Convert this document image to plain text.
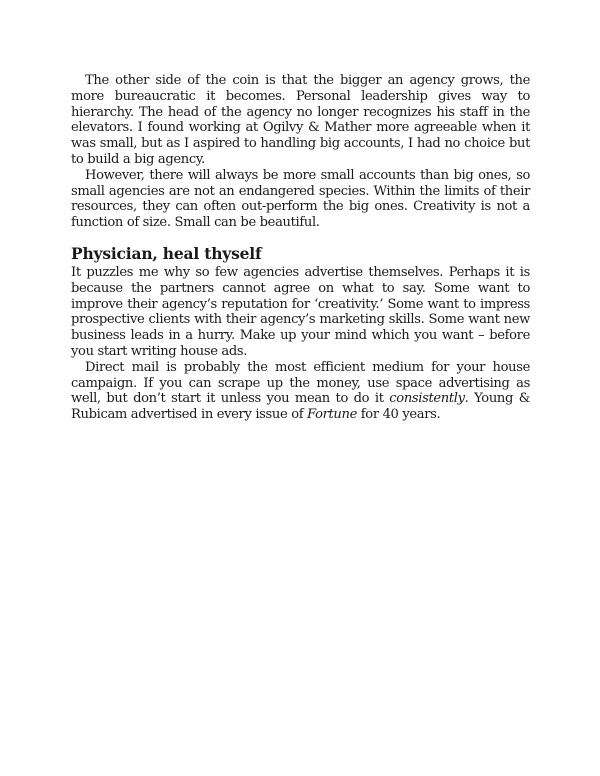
The other side of the coin is that the bigger an agency grows, the more bureaucratic it becomes. Personal leadership gives way to hierarchy. The head of the agency no longer recognizes his staff in the elevators. I found working at Ogilvy & Mather more agreeable when it was small, but as I aspired to handling big accounts, I had no choice but to build a big agency.

However, there will always be more small accounts than big ones, so small agencies are not an endangered species. Within the limits of their resources, they can often out-perform the big ones. Creativity is not a function of size. Small can be beautiful.

Physician, heal thyself

It puzzles me why so few agencies advertise themselves. Perhaps it is because the partners cannot agree on what to say. Some want to improve their agency’s reputation for ‘creativity.’ Some want to impress prospective clients with their agency’s marketing skills. Some want new business leads in a hurry. Make up your mind which you want – before you start writing house ads.

Direct mail is probably the most efficient medium for your house campaign. If you can scrape up the money, use space advertising as well, but don’t start it unless you mean to do it consistently. Young & Rubicam advertised in every issue of Fortune for 40 years.
